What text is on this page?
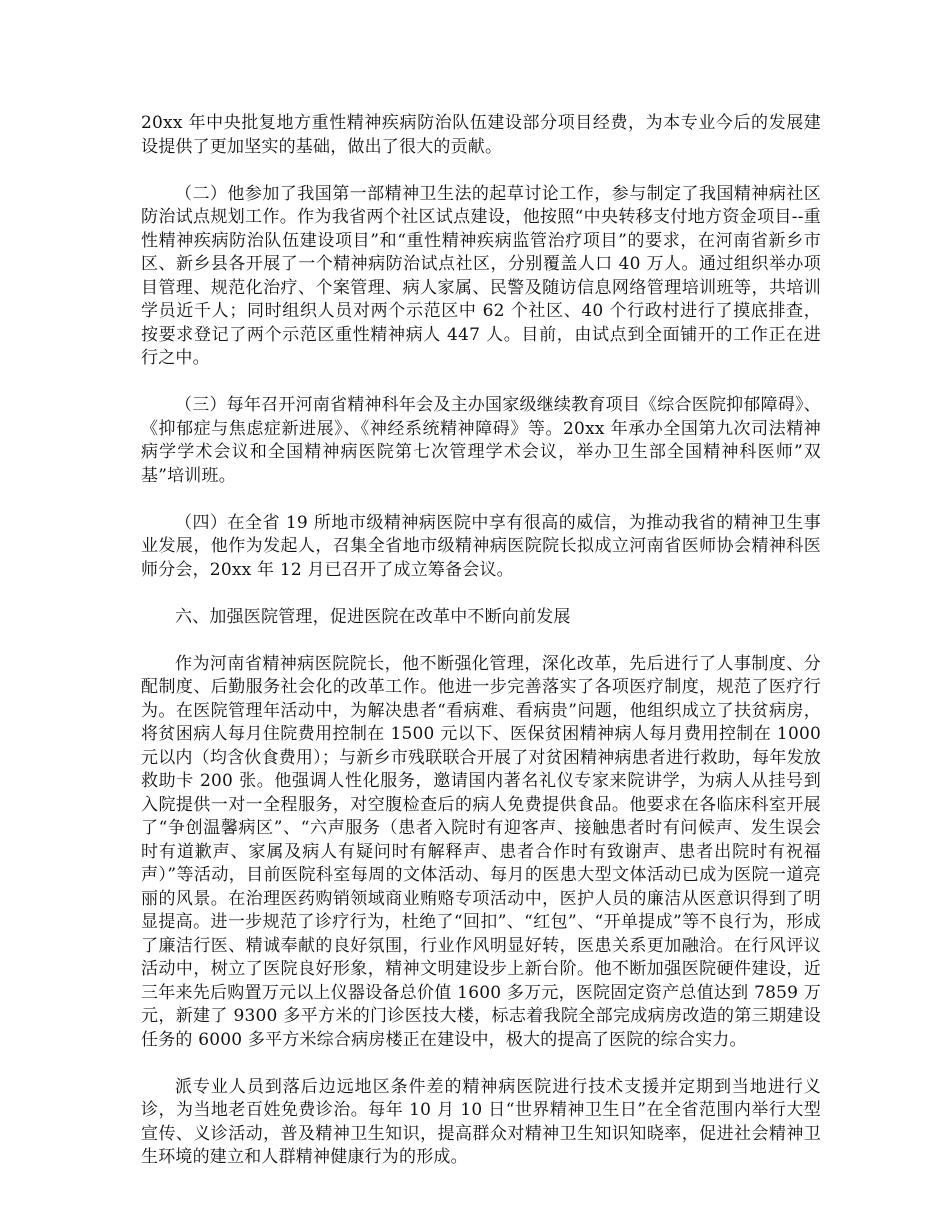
20xx 年中央批复地方重性精神疾病防治队伍建设部分项目经费，为本专业今后的发展建设提供了更加坚实的基础，做出了很大的贡献。

（二）他参加了我国第一部精神卫生法的起草讨论工作，参与制定了我国精神病社区防治试点规划工作。作为我省两个社区试点建设，他按照“中央转移支付地方资金项目--重性精神疾病防治队伍建设项目”和“重性精神疾病监管治疗项目”的要求，在河南省新乡市区、新乡县各开展了一个精神病防治试点社区，分别覆盖人口 40 万人。通过组织举办项目管理、规范化治疗、个案管理、病人家属、民警及随访信息网络管理培训班等，共培训学员近千人；同时组织人员对两个示范区中 62 个社区、40 个行政村进行了摸底排查，按要求登记了两个示范区重性精神病人 447 人。目前，由试点到全面铺开的工作正在进行之中。

（三）每年召开河南省精神科年会及主办国家级继续教育项目《综合医院抑郁障碍》、《抑郁症与焦虑症新进展》、《神经系统精神障碍》等。20xx 年承办全国第九次司法精神病学学术会议和全国精神病医院第七次管理学术会议，举办卫生部全国精神科医师”双基”培训班。

（四）在全省 19 所地市级精神病医院中享有很高的威信，为推动我省的精神卫生事业发展，他作为发起人，召集全省地市级精神病医院院长拟成立河南省医师协会精神科医师分会，20xx 年 12 月已召开了成立筹备会议。

六、加强医院管理，促进医院在改革中不断向前发展

作为河南省精神病医院院长，他不断强化管理，深化改革，先后进行了人事制度、分配制度、后勤服务社会化的改革工作。他进一步完善落实了各项医疗制度，规范了医疗行为。在医院管理年活动中，为解决患者“看病难、看病贵”问题，他组织成立了扶贫病房，将贫困病人每月住院费用控制在 1500 元以下、医保贫困精神病人每月费用控制在 1000 元以内（均含伙食费用）；与新乡市残联联合开展了对贫困精神病患者进行救助，每年发放救助卡 200 张。他强调人性化服务，邀请国内著名礼仪专家来院讲学，为病人从挂号到入院提供一对一全程服务，对空腹检查后的病人免费提供食品。他要求在各临床科室开展了“争创温馨病区”、“六声服务（患者入院时有迎客声、接触患者时有问候声、发生误会时有道歉声、家属及病人有疑问时有解释声、患者合作时有致谢声、患者出院时有祝福声）”等活动，目前医院科室每周的文体活动、每月的医患大型文体活动已成为医院一道亮丽的风景。在治理医药购销领域商业贿赂专项活动中，医护人员的廉洁从医意识得到了明显提高。进一步规范了诊疗行为，杜绝了“回扣”、“红包”、“开单提成”等不良行为，形成了廉洁行医、精诚奉献的良好氛围，行业作风明显好转，医患关系更加融洽。在行风评议活动中，树立了医院良好形象，精神文明建设步上新台阶。他不断加强医院硬件建设，近三年来先后购置万元以上仪器设备总价值 1600 多万元，医院固定资产总值达到 7859 万元，新建了 9300 多平方米的门诊医技大楼，标志着我院全部完成病房改造的第三期建设任务的 6000 多平方米综合病房楼正在建设中，极大的提高了医院的综合实力。

派专业人员到落后边远地区条件差的精神病医院进行技术支援并定期到当地进行义诊，为当地老百姓免费诊治。每年 10 月 10 日“世界精神卫生日”在全省范围内举行大型宣传、义诊活动，普及精神卫生知识，提高群众对精神卫生知识知晓率，促进社会精神卫生环境的建立和人群精神健康行为的形成。
